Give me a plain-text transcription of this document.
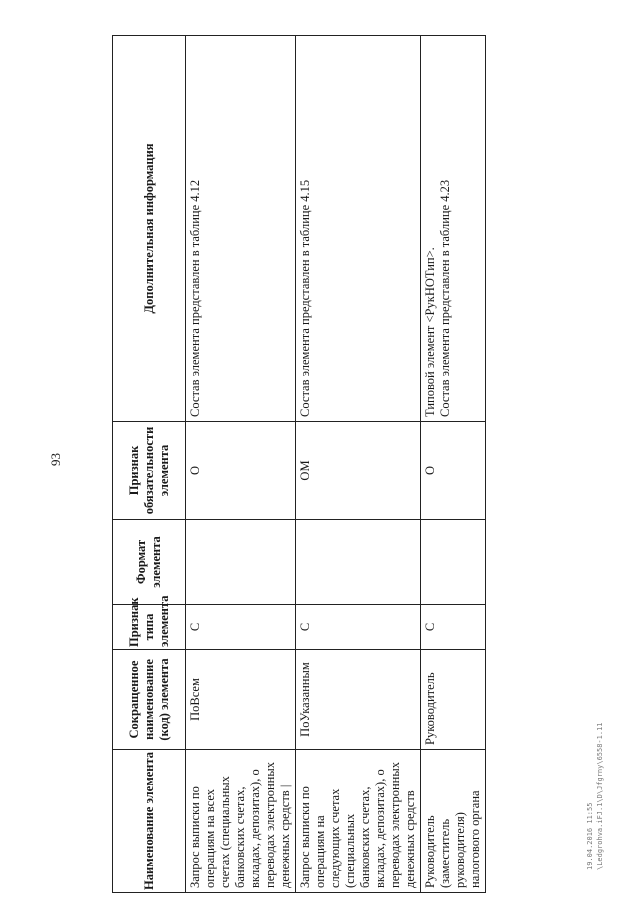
93
Наименование элемента	Сокращенное наименование (код) элемента	Признак типа элемента	Формат элемента	Признак обязательности элемента	Дополнительная информация
Запрос выписки по операциям на всех счетах (специальных банковских счетах, вкладах, депозитах), о переводах электронных денежных средств |	ПоВсем	С		О	Состав элемента представлен в таблице 4.12
Запрос выписки по операциям на следующих счетах (специальных банковских счетах, вкладах, депозитах), о переводах электронных денежных средств	ПоУказанным	С		ОМ	Состав элемента представлен в таблице 4.15
Руководитель (заместитель руководителя) налогового органа	Руководитель	С		О	Типовой элемент <РукНОТип>. Состав элемента представлен в таблице 4.23
19.04.2016 11:55 \Ledgrohva.iFJ.1\D\Jfgrny\6558-1.11
